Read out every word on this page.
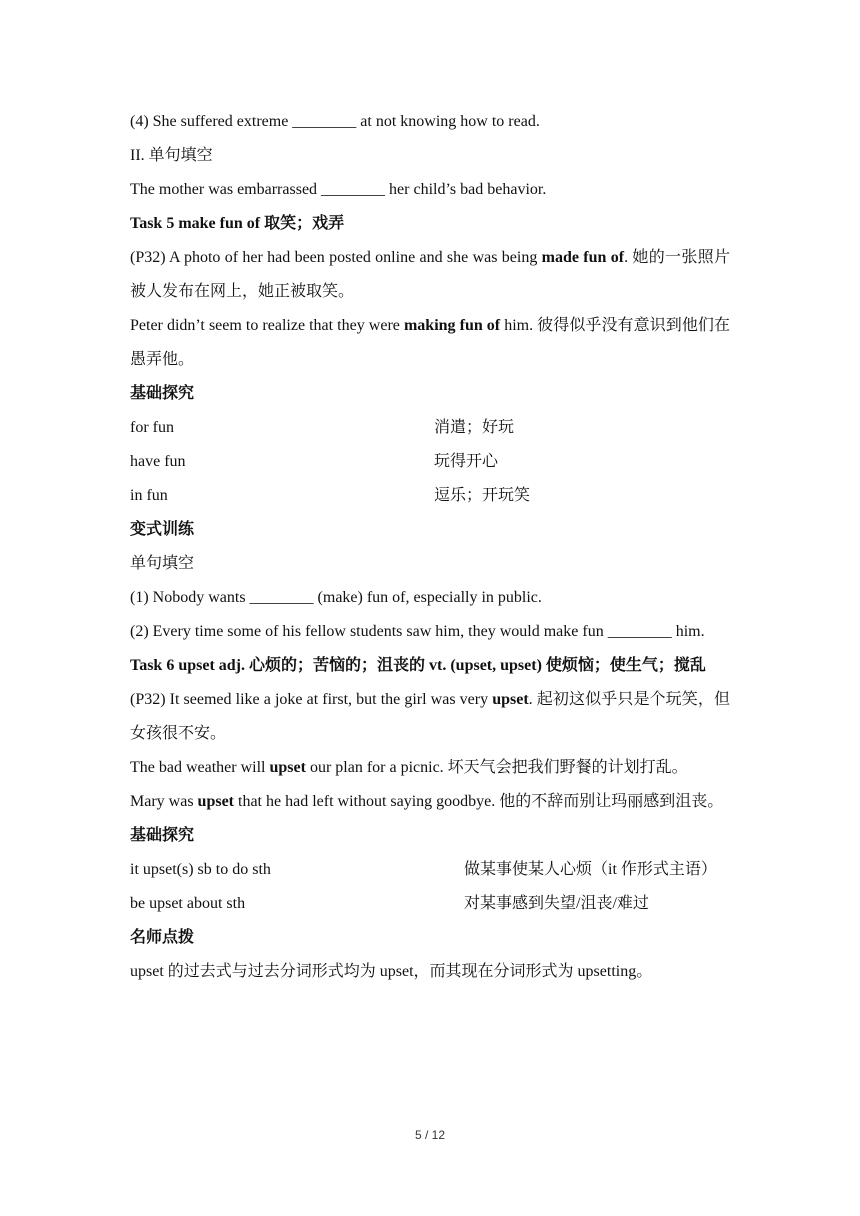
(4) She suffered extreme ________ at not knowing how to read.
II. 单句填空
The mother was embarrassed ________ her child’s bad behavior.
Task 5 make fun of 取笑；戏弄
(P32) A photo of her had been posted online and she was being made fun of. 她的一张照片被人发布在网上，她正被取笑。
Peter didn’t seem to realize that they were making fun of him. 彼得似乎没有意识到他们在愚弄他。
基础探究
for fun	消遣；好玩
have fun	玩得开心
in fun	逗乐；开玩笑
变式训练
单句填空
(1) Nobody wants ________ (make) fun of, especially in public.
(2) Every time some of his fellow students saw him, they would make fun ________ him.
Task 6 upset adj. 心烦的；苦恼的；沮丧的 vt. (upset, upset) 使烦恼；使生气；搅乱
(P32) It seemed like a joke at first, but the girl was very upset. 起初这似乎只是个玩笑，但女孩很不安。
The bad weather will upset our plan for a picnic. 坏天气会把我们野餐的计划打乱。
Mary was upset that he had left without saying goodbye. 他的不辞而别让玛丽感到沮丧。
基础探究
it upset(s) sb to do sth	做某事使某人心烦（it 作形式主语）
be upset about sth	对某事感到失望/沮丧/难过
名师点拨
upset 的过去式与过去分词形式均为 upset，而其现在分词形式为 upsetting。
5 / 12
